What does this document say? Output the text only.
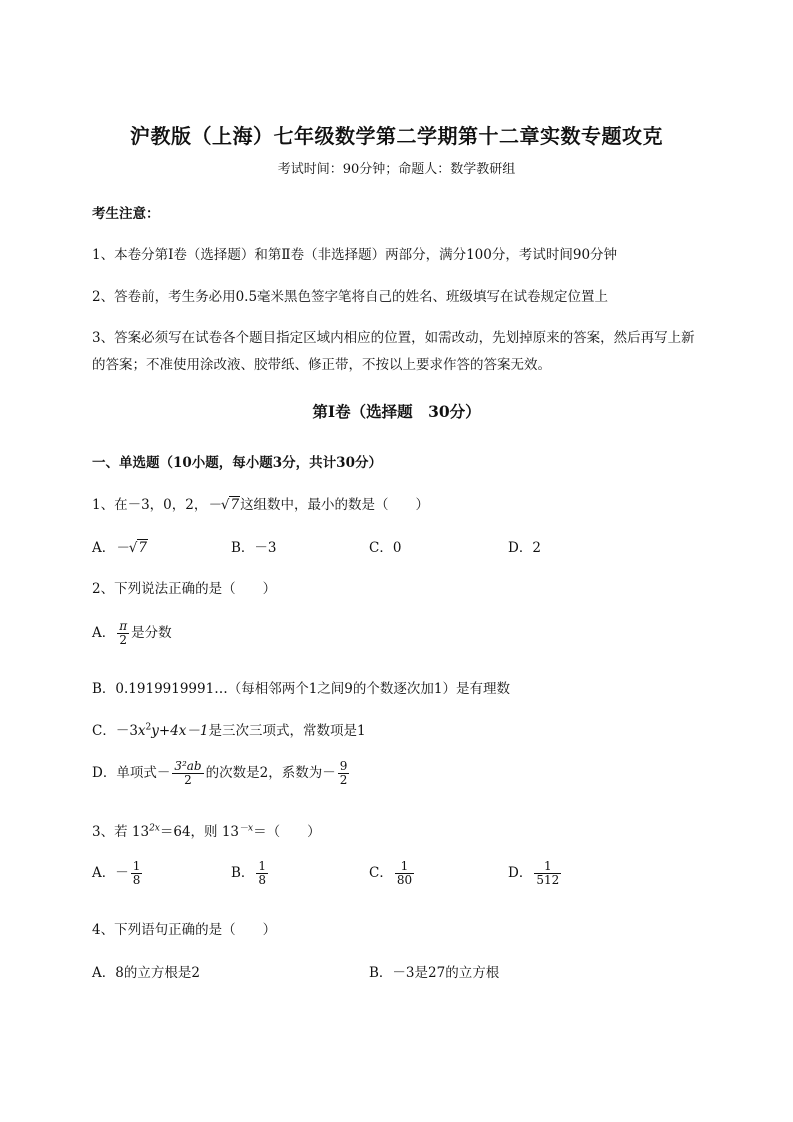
沪教版（上海）七年级数学第二学期第十二章实数专题攻克
考试时间：90分钟；命题人：数学教研组
考生注意：
1、本卷分第I卷（选择题）和第Ⅱ卷（非选择题）两部分，满分100分，考试时间90分钟
2、答卷前，考生务必用0.5毫米黑色签字笔将自己的姓名、班级填写在试卷规定位置上
3、答案必须写在试卷各个题目指定区域内相应的位置，如需改动，先划掉原来的答案，然后再写上新
的答案；不准使用涂改液、胶带纸、修正带，不按以上要求作答的答案无效。
第I卷（选择题　30分）
一、单选题（10小题，每小题3分，共计30分）
1、在－3，0，2，－√7这组数中，最小的数是（　　）
A．－√7	B．－3	C．0	D．2
2、下列说法正确的是（　　）
A． $\frac{\pi}{2}$ 是分数
B．0.1919919991…（每相邻两个1之间9的个数逐次加1）是有理数
C．$-3x^2y+4x-1$是三次三项式，常数项是1
D．单项式－ $\frac{\text{3²ab}}{2}$ 的次数是2，系数为－ $\frac{9}{2}$
3、若 $13^{2x}=64$，则 $13^{-x}=$（　　）
A．－ $\frac{1}{8}$	B． $\frac{1}{8}$	C． $\frac{1}{80}$	D． $\frac{1}{512}$
4、下列语句正确的是（　　）
A．8的立方根是2	B．－3是27的立方根
